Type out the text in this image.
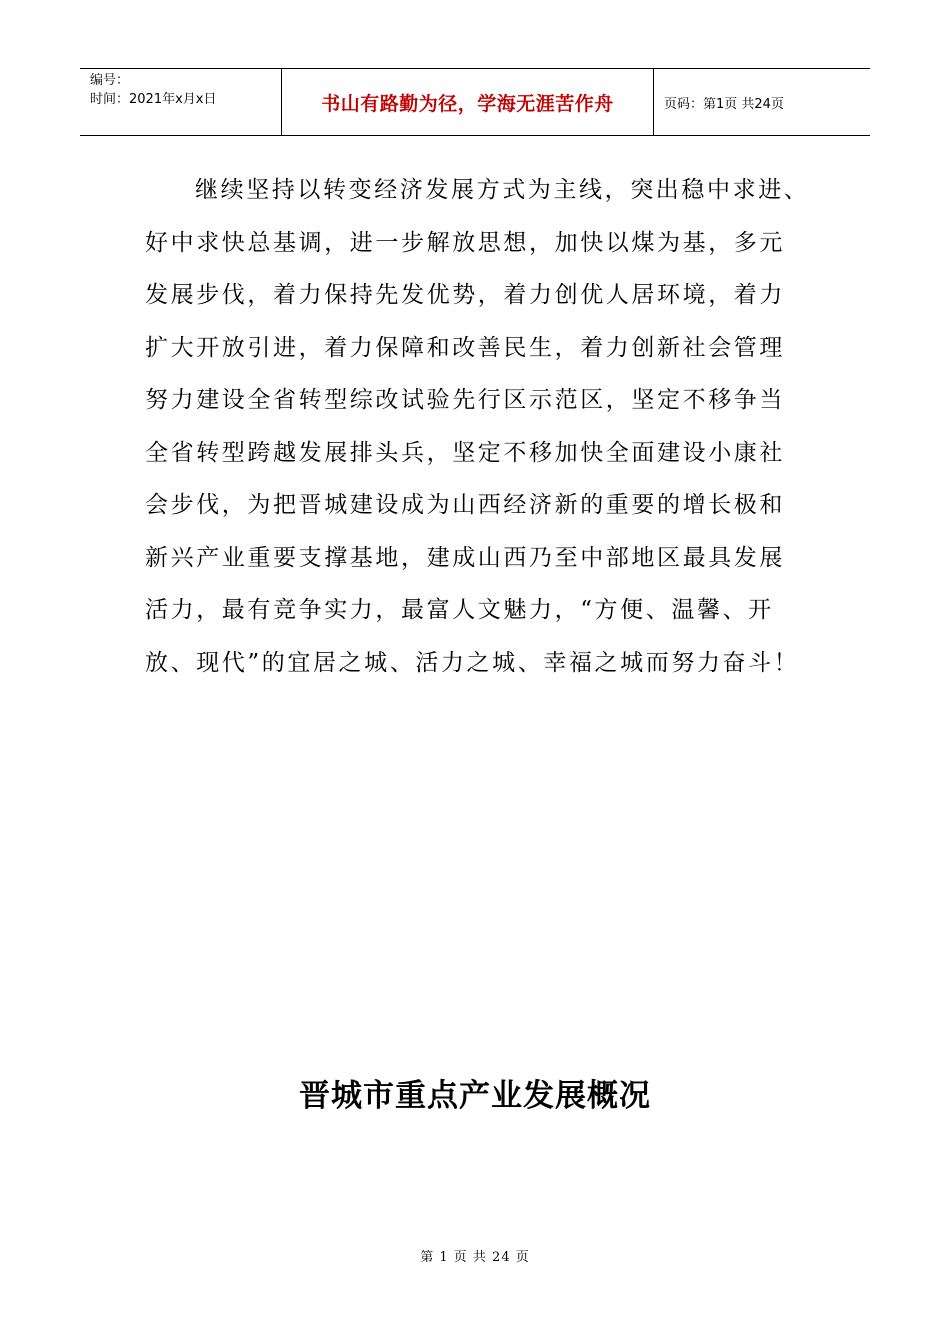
编号：
时间：2021年x月x日	书山有路勤为径，学海无涯苦作舟	页码：第1页 共24页
继续坚持以转变经济发展方式为主线，突出稳中求进、
好中求快总基调，进一步解放思想，加快以煤为基，多元
发展步伐，着力保持先发优势，着力创优人居环境，着力
扩大开放引进，着力保障和改善民生，着力创新社会管理
努力建设全省转型综改试验先行区示范区，坚定不移争当
全省转型跨越发展排头兵，坚定不移加快全面建设小康社
会步伐，为把晋城建设成为山西经济新的重要的增长极和
新兴产业重要支撑基地，建成山西乃至中部地区最具发展
活力，最有竞争实力，最富人文魅力，“方便、温馨、开
放、现代”的宜居之城、活力之城、幸福之城而努力奋斗！
晋城市重点产业发展概况
第 1 页 共 24 页
